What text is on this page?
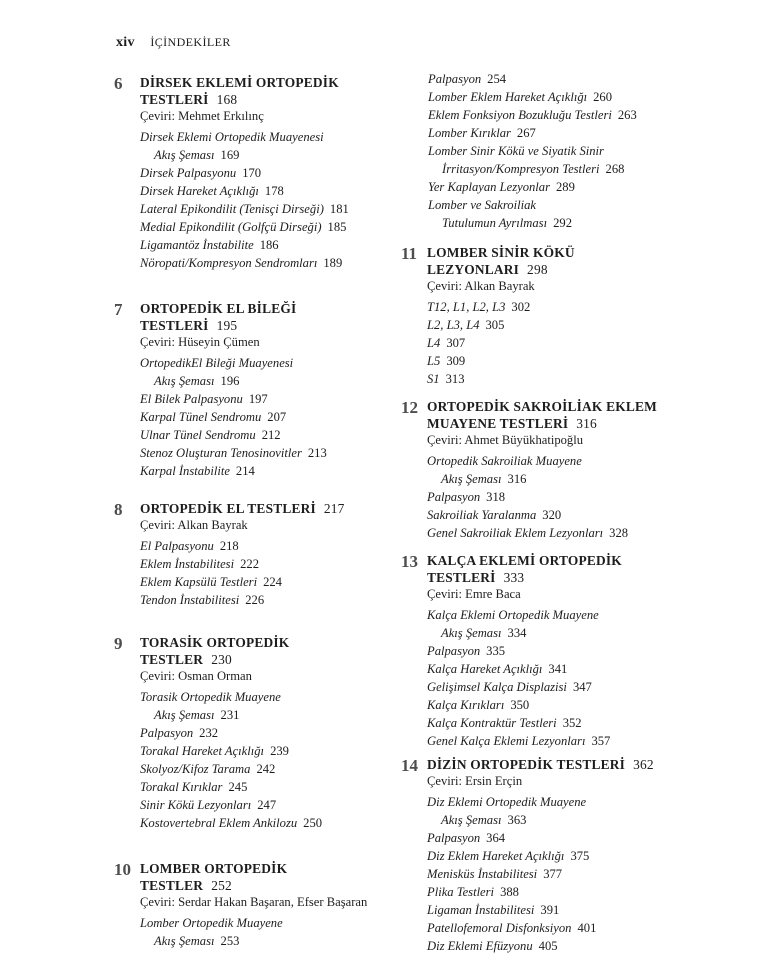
xiv İÇİNDEKİLER
6 DİRSEK EKLEMİ ORTOPEDİK
TESTLERİ 168
Çeviri: Mehmet Erkılınç
Dirsek Eklemi Ortopedik Muayenesi
Akış Şeması 169
Dirsek Palpasyonu 170
Dirsek Hareket Açıklığı 178
Lateral Epikondilit (Tenisçi Dirseği) 181
Medial Epikondilit (Golfçü Dirseği) 185
Ligamantöz İnstabilite 186
Nöropati/Kompresyon Sendromları 189
7 ORTOPEDİK EL BİLEĞİ
TESTLERİ 195
Çeviri: Hüseyin Çümen
OrtopedikEl Bileği Muayenesi
Akış Şeması 196
El Bilek Palpasyonu 197
Karpal Tünel Sendromu 207
Ulnar Tünel Sendromu 212
Stenoz Oluşturan Tenosinovitler 213
Karpal İnstabilite 214
8 ORTOPEDİK EL TESTLERİ 217
Çeviri: Alkan Bayrak
El Palpasyonu 218
Eklem İnstabilitesi 222
Eklem Kapsülü Testleri 224
Tendon İnstabilitesi 226
9 TORASİK ORTOPEDİK
TESTLER 230
Çeviri: Osman Orman
Torasik Ortopedik Muayene
Akış Şeması 231
Palpasyon 232
Torakal Hareket Açıklığı 239
Skolyoz/Kifoz Tarama 242
Torakal Kırıklar 245
Sinir Kökü Lezyonları 247
Kostovertebral Eklem Ankilozu 250
10 LOMBER ORTOPEDİK
TESTLER 252
Çeviri: Serdar Hakan Başaran, Efser Başaran
Lomber Ortopedik Muayene
Akış Şeması 253
Palpasyon 254
Lomber Eklem Hareket Açıklığı 260
Eklem Fonksiyon Bozukluğu Testleri 263
Lomber Kırıklar 267
Lomber Sinir Kökü ve Siyatik Sinir
İrritasyon/Kompresyon Testleri 268
Yer Kaplayan Lezyonlar 289
Lomber ve Sakroiliak
Tutulumun Ayrılması 292
11 LOMBER SİNİR KÖKÜ
LEZYONLARI 298
Çeviri: Alkan Bayrak
T12, L1, L2, L3 302
L2, L3, L4 305
L4 307
L5 309
S1 313
12 ORTOPEDİK SAKROİLİAK EKLEM
MUAYENE TESTLERİ 316
Çeviri: Ahmet Büyükhatipoğlu
Ortopedik Sakroiliak Muayene
Akış Şeması 316
Palpasyon 318
Sakroiliak Yaralanma 320
Genel Sakroiliak Eklem Lezyonları 328
13 KALÇA EKLEMİ ORTOPEDİK
TESTLERİ 333
Çeviri: Emre Baca
Kalça Eklemi Ortopedik Muayene
Akış Şeması 334
Palpasyon 335
Kalça Hareket Açıklığı 341
Gelişimsel Kalça Displazisi 347
Kalça Kırıkları 350
Kalça Kontraktür Testleri 352
Genel Kalça Eklemi Lezyonları 357
14 DİZİN ORTOPEDİK TESTLERİ 362
Çeviri: Ersin Erçin
Diz Eklemi Ortopedik Muayene
Akış Şeması 363
Palpasyon 364
Diz Eklem Hareket Açıklığı 375
Menisküs İnstabilitesi 377
Plika Testleri 388
Ligaman İnstabilitesi 391
Patellofemoral Disfonksiyon 401
Diz Eklemi Efüzyonu 405
